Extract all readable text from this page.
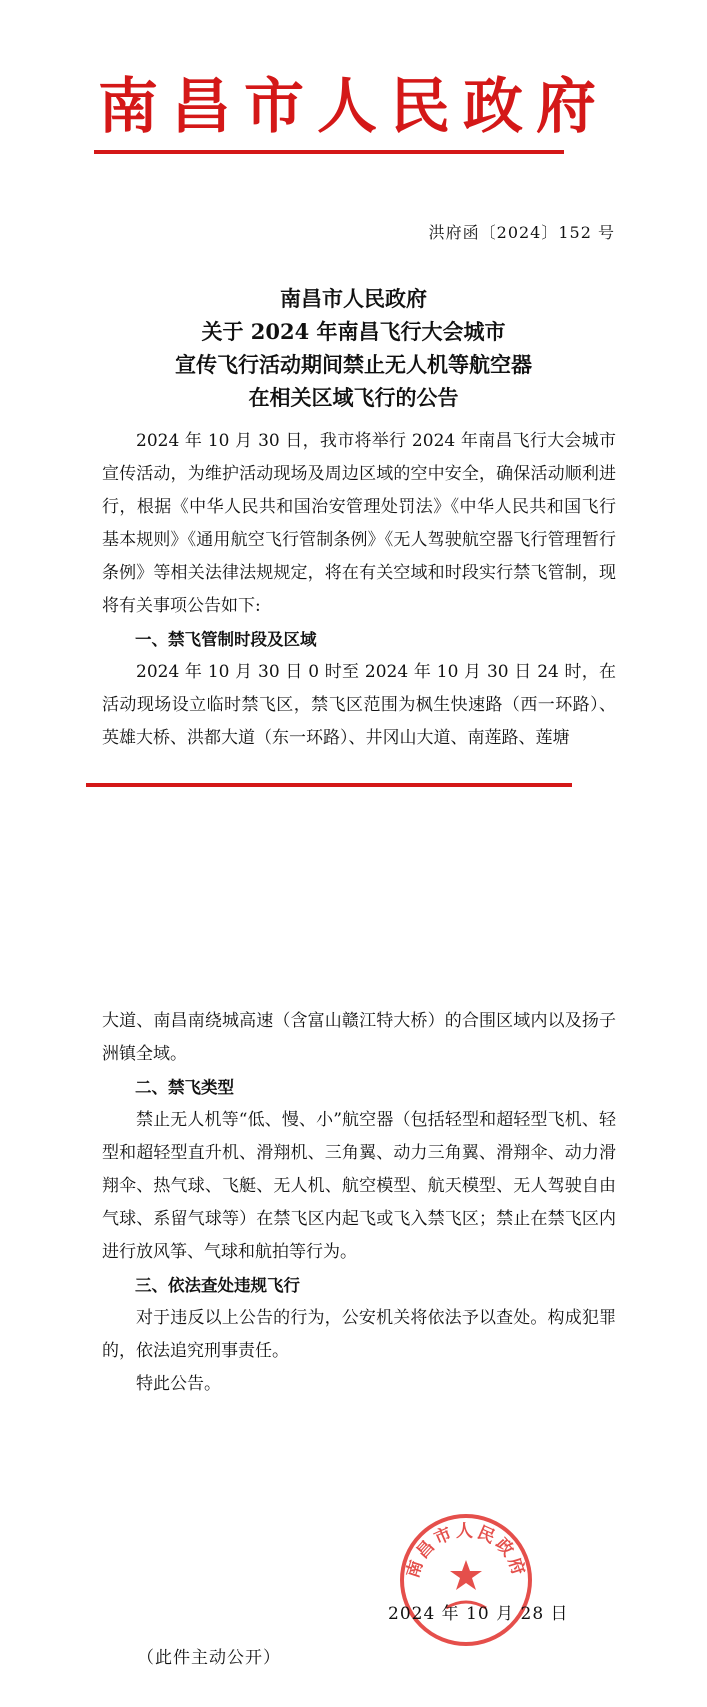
南昌市人民政府
洪府函〔2024〕152 号
南昌市人民政府
关于 2024 年南昌飞行大会城市
宣传飞行活动期间禁止无人机等航空器
在相关区域飞行的公告

2024 年 10 月 30 日，我市将举行 2024 年南昌飞行大会城市宣传活动，为维护活动现场及周边区域的空中安全，确保活动顺利进行，根据《中华人民共和国治安管理处罚法》《中华人民共和国飞行基本规则》《通用航空飞行管制条例》《无人驾驶航空器飞行管理暂行条例》等相关法律法规规定，将在有关空域和时段实行禁飞管制，现将有关事项公告如下:

一、禁飞管制时段及区域

2024 年 10 月 30 日 0 时至 2024 年 10 月 30 日 24 时，在活动现场设立临时禁飞区，禁飞区范围为枫生快速路（西一环路）、英雄大桥、洪都大道（东一环路）、井冈山大道、南莲路、莲塘

大道、南昌南绕城高速（含富山赣江特大桥）的合围区域内以及扬子洲镇全域。

二、禁飞类型

禁止无人机等“低、慢、小”航空器（包括轻型和超轻型飞机、轻型和超轻型直升机、滑翔机、三角翼、动力三角翼、滑翔伞、动力滑翔伞、热气球、飞艇、无人机、航空模型、航天模型、无人驾驶自由气球、系留气球等）在禁飞区内起飞或飞入禁飞区；禁止在禁飞区内进行放风筝、气球和航拍等行为。

三、依法查处违规飞行

对于违反以上公告的行为，公安机关将依法予以查处。构成犯罪的，依法追究刑事责任。

特此公告。

南昌市人民政府
2024 年 10 月 28 日
（此件主动公开）
